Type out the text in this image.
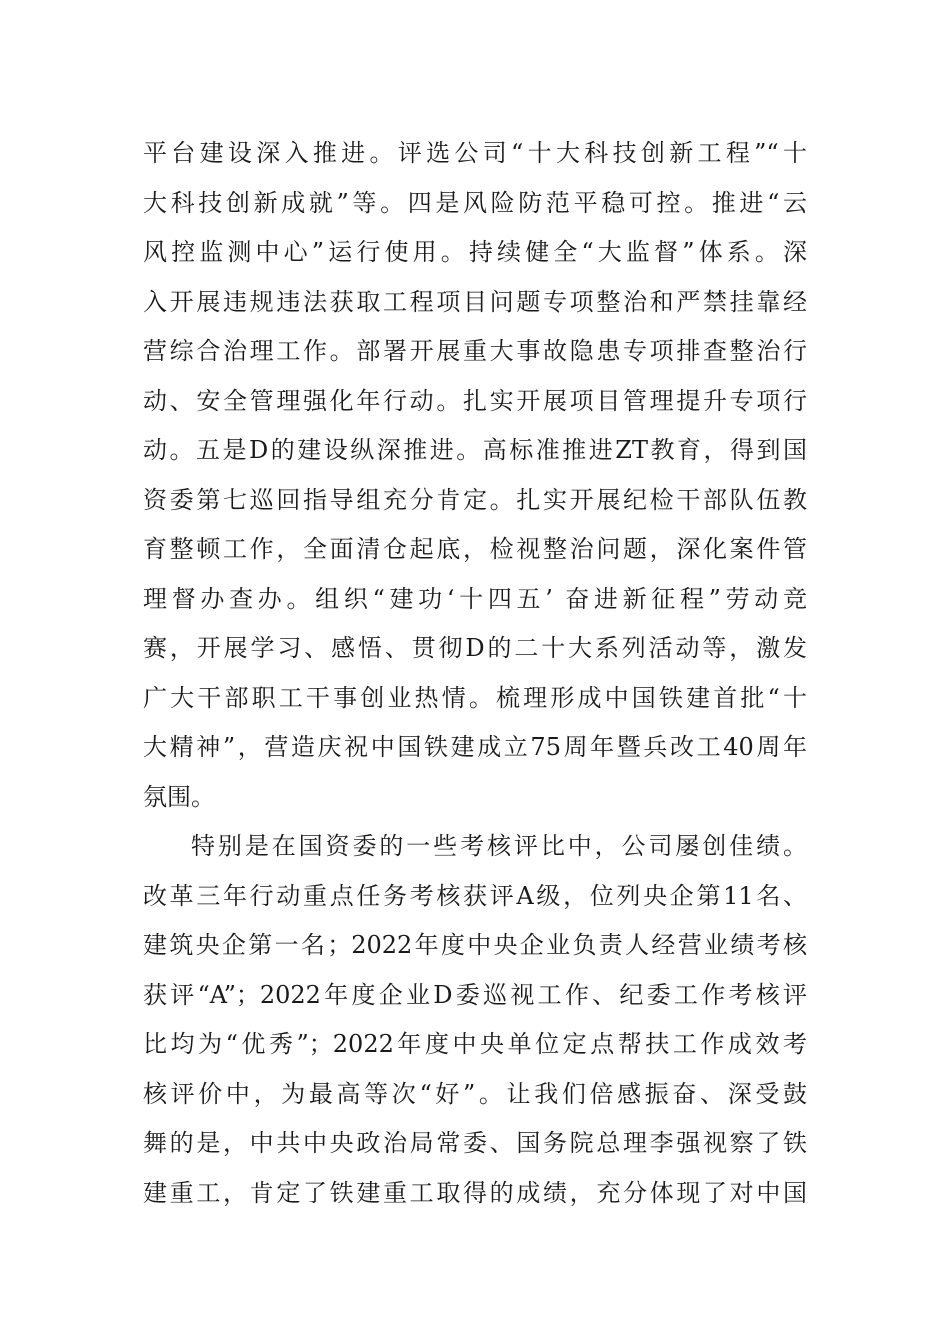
平台建设深入推进。评选公司“十大科技创新工程”“十
大科技创新成就”等。四是风险防范平稳可控。推进“云
风控监测中心”运行使用。持续健全“大监督”体系。深
入开展违规违法获取工程项目问题专项整治和严禁挂靠经
营综合治理工作。部署开展重大事故隐患专项排查整治行
动、安全管理强化年行动。扎实开展项目管理提升专项行
动。五是D的建设纵深推进。高标准推进ZT教育，得到国
资委第七巡回指导组充分肯定。扎实开展纪检干部队伍教
育整顿工作，全面清仓起底，检视整治问题，深化案件管
理督办查办。组织“建功‘十四五’ 奋进新征程”劳动竞
赛，开展学习、感悟、贯彻D的二十大系列活动等，激发
广大干部职工干事创业热情。梳理形成中国铁建首批“十
大精神”，营造庆祝中国铁建成立75周年暨兵改工40周年
氛围。
特别是在国资委的一些考核评比中，公司屡创佳绩。
改革三年行动重点任务考核获评A级，位列央企第11名、
建筑央企第一名；2022年度中央企业负责人经营业绩考核
获评“A”；2022年度企业D委巡视工作、纪委工作考核评
比均为“优秀”；2022年度中央单位定点帮扶工作成效考
核评价中，为最高等次“好”。让我们倍感振奋、深受鼓
舞的是，中共中央政治局常委、国务院总理李强视察了铁
建重工，肯定了铁建重工取得的成绩，充分体现了对中国
